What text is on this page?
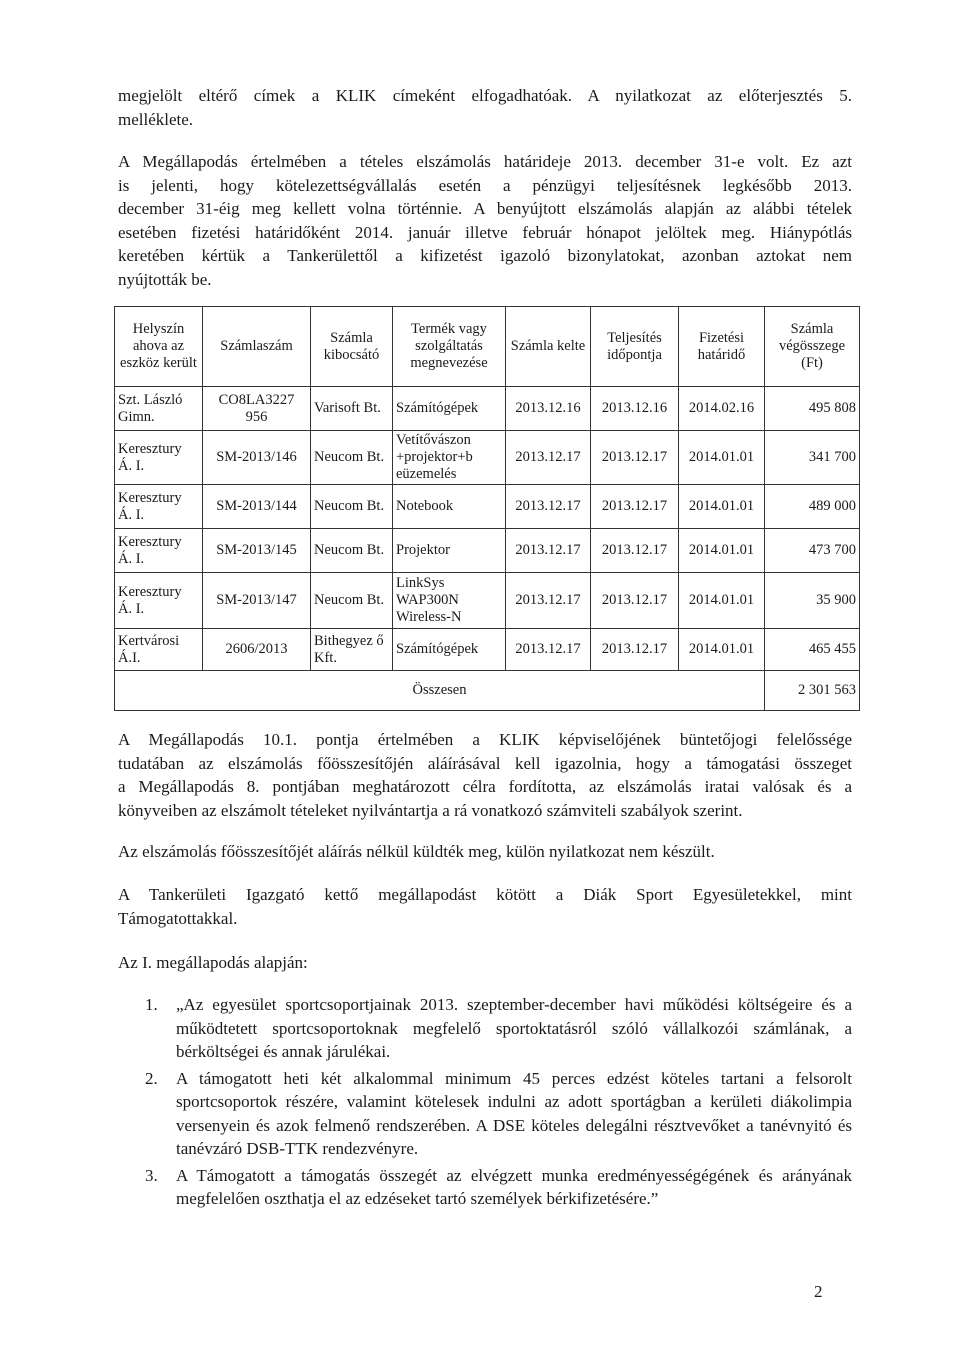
megjelölt eltérő címek a KLIK címeként elfogadhatóak. A nyilatkozat az előterjesztés 5.
melléklete.

A Megállapodás értelmében a tételes elszámolás határideje 2013. december 31-e volt. Ez azt
is jelenti, hogy kötelezettségvállalás esetén a pénzügyi teljesítésnek legkésőbb 2013.
december 31-éig meg kellett volna történnie. A benyújtott elszámolás alapján az alábbi tételek
esetében fizetési határidőként 2014. január illetve február hónapot jelöltek meg. Hiánypótlás
keretében kértük a Tankerülettől a kifizetést igazoló bizonylatokat, azonban aztokat nem
nyújtották be.

Helyszín ahova az eszköz került	Számlaszám	Számla kibocsátó	Termék vagy szolgáltatás megnevezése	Számla kelte	Teljesítés időpontja	Fizetési határidő	Számla végösszege (Ft)
Szt. László Gimn.	CO8LA3227 956	Varisoft Bt.	Számítógépek	2013.12.16	2013.12.16	2014.02.16	495 808
Keresztury Á. I.	SM-2013/146	Neucom Bt.	Vetítővászon +projektor+b eüzemelés	2013.12.17	2013.12.17	2014.01.01	341 700
Keresztury Á. I.	SM-2013/144	Neucom Bt.	Notebook	2013.12.17	2013.12.17	2014.01.01	489 000
Keresztury Á. I.	SM-2013/145	Neucom Bt.	Projektor	2013.12.17	2013.12.17	2014.01.01	473 700
Keresztury Á. I.	SM-2013/147	Neucom Bt.	LinkSys WAP300N Wireless-N	2013.12.17	2013.12.17	2014.01.01	35 900
Kertvárosi Á.I.	2606/2013	Bithegyez ő Kft.	Számítógépek	2013.12.17	2013.12.17	2014.01.01	465 455
Összesen							2 301 563

A Megállapodás 10.1. pontja értelmében a KLIK képviselőjének büntetőjogi felelőssége
tudatában az elszámolás főösszesítőjén aláírásával kell igazolnia, hogy a támogatási összeget
a Megállapodás 8. pontjában meghatározott célra fordította, az elszámolás iratai valósak és a
könyveiben az elszámolt tételeket nyilvántartja a rá vonatkozó számviteli szabályok szerint.

Az elszámolás főösszesítőjét aláírás nélkül küldték meg, külön nyilatkozat nem készült.

A Tankerületi Igazgató kettő megállapodást kötött a Diák Sport Egyesületekkel, mint
Támogatottakkal.

Az I. megállapodás alapján:

1. „Az egyesület sportcsoportjainak 2013. szeptember-december havi működési költségeire és a működtetett sportcsoportoknak megfelelő sportoktatásról szóló vállalkozói számlának, a bérköltségei és annak járulékai.
2. A támogatott heti két alkalommal minimum 45 perces edzést köteles tartani a felsorolt sportcsoportok részére, valamint kötelesek indulni az adott sportágban a kerületi diákolimpia versenyein és azok felmenő rendszerében. A DSE köteles delegálni résztvevőket a tanévnyitó és tanévzáró DSB-TTK rendezvényre.
3. A Támogatott a támogatás összegét az elvégzett munka eredményességégének és arányának megfelelően oszthatja el az edzéseket tartó személyek bérkifizetésére.”
2
